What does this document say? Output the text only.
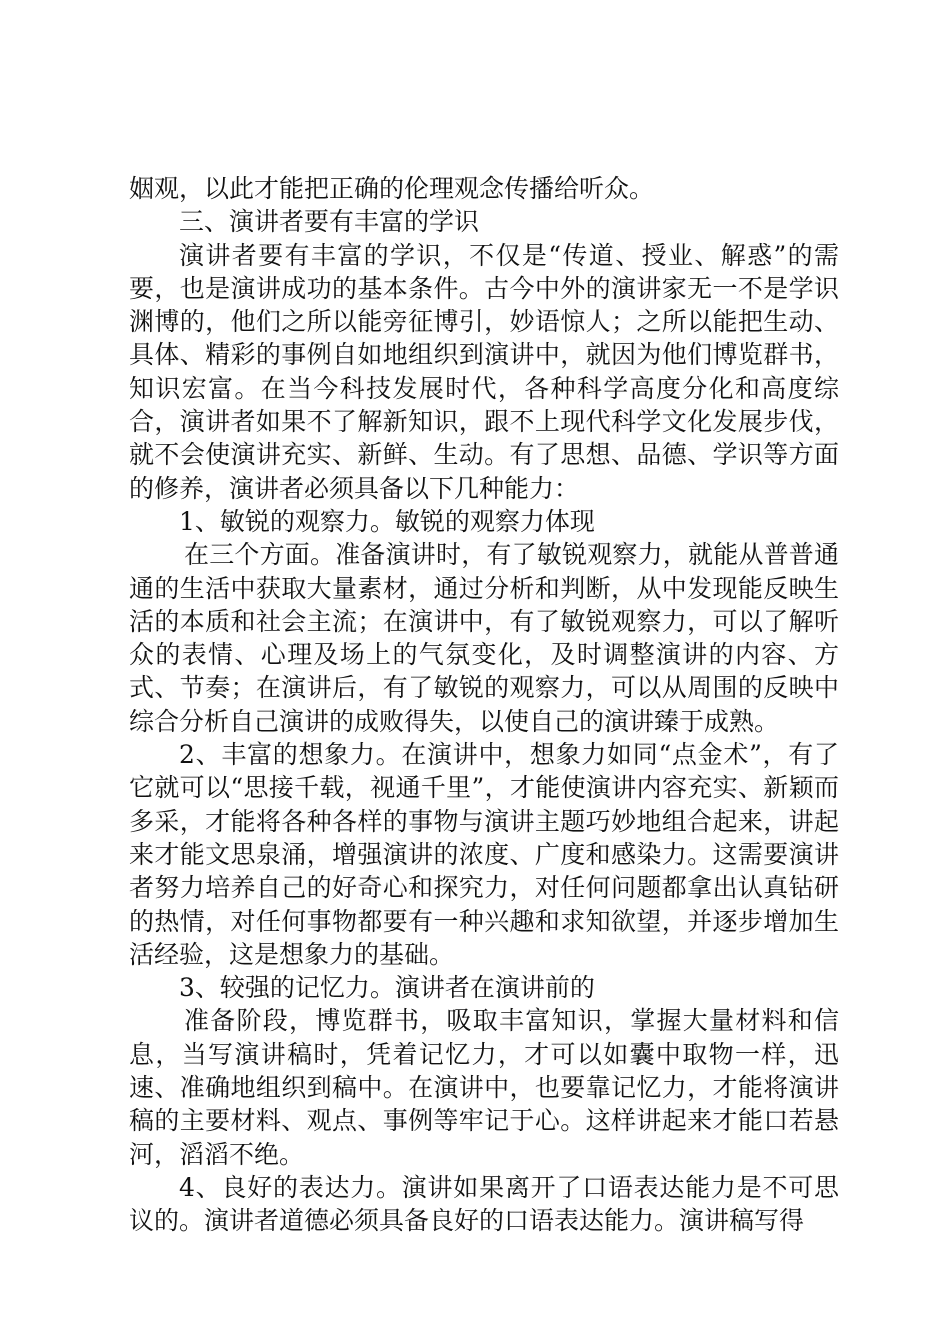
姻观，以此才能把正确的伦理观念传播给听众。

三、演讲者要有丰富的学识

演讲者要有丰富的学识，不仅是“传道、授业、解惑”的需要，也是演讲成功的基本条件。古今中外的演讲家无一不是学识渊博的，他们之所以能旁征博引，妙语惊人；之所以能把生动、具体、精彩的事例自如地组织到演讲中，就因为他们博览群书，知识宏富。在当今科技发展时代，各种科学高度分化和高度综合，演讲者如果不了解新知识，跟不上现代科学文化发展步伐，就不会使演讲充实、新鲜、生动。有了思想、品德、学识等方面的修养，演讲者必须具备以下几种能力：

1、敏锐的观察力。敏锐的观察力体现

在三个方面。准备演讲时，有了敏锐观察力，就能从普普通通的生活中获取大量素材，通过分析和判断，从中发现能反映生活的本质和社会主流；在演讲中，有了敏锐观察力，可以了解听众的表情、心理及场上的气氛变化，及时调整演讲的内容、方式、节奏；在演讲后，有了敏锐的观察力，可以从周围的反映中综合分析自己演讲的成败得失，以使自己的演讲臻于成熟。

2、丰富的想象力。在演讲中，想象力如同“点金术”，有了它就可以“思接千载，视通千里”，才能使演讲内容充实、新颖而多采，才能将各种各样的事物与演讲主题巧妙地组合起来，讲起来才能文思泉涌，增强演讲的浓度、广度和感染力。这需要演讲者努力培养自己的好奇心和探究力，对任何问题都拿出认真钻研的热情，对任何事物都要有一种兴趣和求知欲望，并逐步增加生活经验，这是想象力的基础。

3、较强的记忆力。演讲者在演讲前的

准备阶段，博览群书，吸取丰富知识，掌握大量材料和信息，当写演讲稿时，凭着记忆力，才可以如囊中取物一样，迅速、准确地组织到稿中。在演讲中，也要靠记忆力，才能将演讲稿的主要材料、观点、事例等牢记于心。这样讲起来才能口若悬河，滔滔不绝。

4、良好的表达力。演讲如果离开了口语表达能力是不可思议的。演讲者道德必须具备良好的口语表达能力。演讲稿写得
